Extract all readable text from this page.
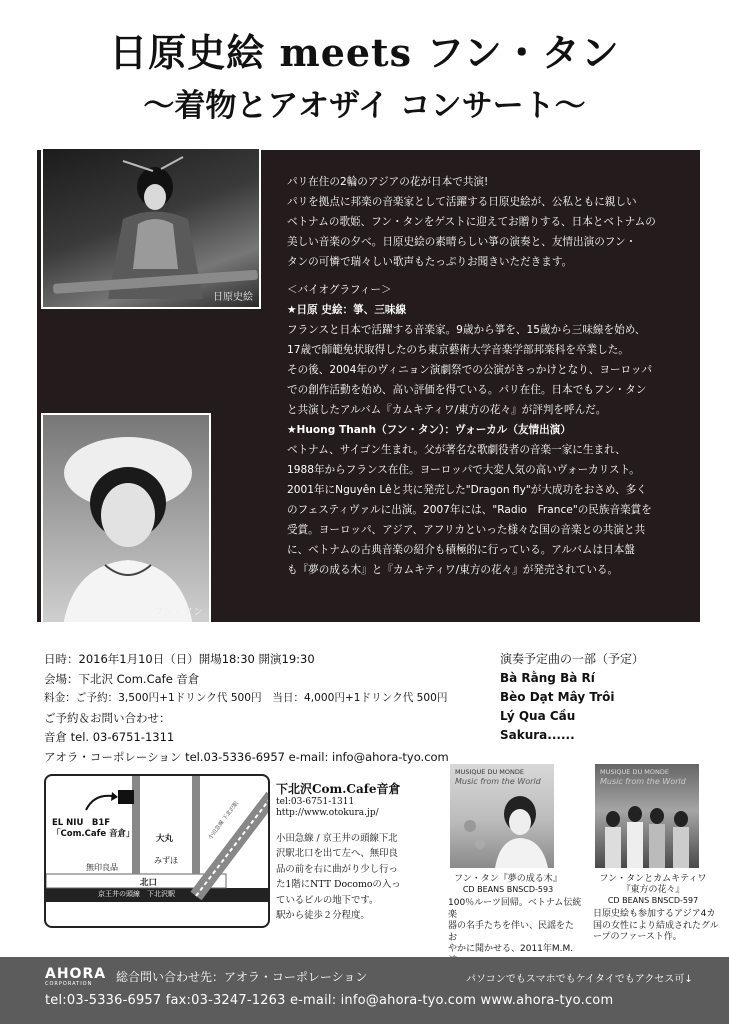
日原史絵 meets フン・タン
～着物とアオザイ コンサート～
日原史絵
フン・タン

パリ在住の2輪のアジアの花が日本で共演!

パリを拠点に邦楽の音楽家として活躍する日原史絵が、公私ともに親しい

ベトナムの歌姫、フン・タンをゲストに迎えてお贈りする、日本とベトナムの

美しい音楽の夕べ。日原史絵の素晴らしい箏の演奏と、友情出演のフン・

タンの可憐で瑞々しい歌声もたっぷりお聞きいただきます。

＜バイオグラフィー＞

★日原 史絵：箏、三味線

フランスと日本で活躍する音楽家。9歳から箏を、15歳から三味線を始め、

17歳で師範免状取得したのち東京藝術大学音楽学部邦楽科を卒業した。

その後、2004年のヴィニョン演劇祭での公演がきっかけとなり、ヨーロッパ

での創作活動を始め、高い評価を得ている。パリ在住。日本でもフン・タン

と共演したアルバム『カムキティワ/東方の花々』が評判を呼んだ。

★Huong Thanh（フン・タン）：ヴォーカル（友情出演）

ベトナム、サイゴン生まれ。父が著名な歌劇役者の音楽一家に生まれ、

1988年からフランス在住。ヨーロッパで大変人気の高いヴォーカリスト。

2001年にNguyên Lêと共に発売した"Dragon fly"が大成功をおさめ、多く

のフェスティヴァルに出演。2007年には、"Radio　France"の民族音楽賞を

受賞。ヨーロッパ、アジア、アフリカといった様々な国の音楽との共演と共

に、ベトナムの古典音楽の紹介も積極的に行っている。アルバムは日本盤

も『夢の成る木』と『カムキティワ/東方の花々』が発売されている。

日時：2016年1月10日（日）開場18:30 開演19:30
会場：下北沢 Com.Cafe 音倉
料金：ご予約：3,500円+1ドリンク代 500円　当日：4,000円+1ドリンク代 500円
ご予約＆お問い合わせ：
音倉 tel. 03-6751-1311
アオラ・コーポレーション tel.03-5336-6957 e-mail: info@ahora-tyo.com
演奏予定曲の一部（予定）
Bà Rằng Bà Rí
Bèo Dạt Mây Trôi
Lý Qua Cầu
Sakura......
EL NIU　B1F
「Com.Cafe 音倉」	大丸
みずほ
無印良品
北口
京王井の頭線　下北沢駅
小田急線 下北沢駅
下北沢Com.Cafe音倉
tel:03-6751-1311
http://www.otokura.jp/
小田急線 / 京王井の頭線下北
沢駅北口を出て左へ、無印良
品の前を右に曲がり少し行っ
た1階にNTT Docomoの入っ
ているビルの地下です。
駅から徒歩２分程度。
MUSIQUE DU MONDE
Music from the World
フン・タン『夢の成る木』
CD BEANS BNSCD-593
100％ルーツ回帰。ベトナム伝統楽
器の名手たちを伴い、民謡をたお
やかに聞かせる、2011年M.M.
MUSIQUE DU MONDE
Music from the World
フン・タンとカムキティワ
『東方の花々』
CD BEANS BNSCD-597
日原史絵も参加するアジア4カ
国の女性により結成されたグル
ープのファースト作。
AHORA
CORPORATION 総合問い合わせ先：アオラ・コーポレーション	パソコンでもスマホでもケイタイでもアクセス可↓
tel:03-5336-6957 fax:03-3247-1263 e-mail: info@ahora-tyo.com www.ahora-tyo.com
